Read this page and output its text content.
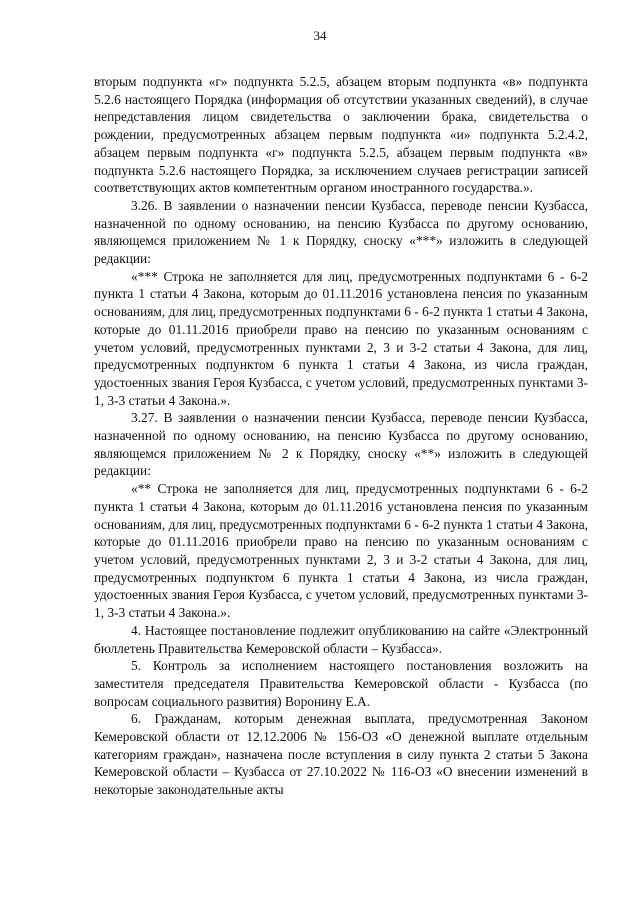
34

вторым подпункта «г» подпункта 5.2.5, абзацем вторым подпункта «в» подпункта 5.2.6 настоящего Порядка (информация об отсутствии указанных сведений), в случае непредставления лицом свидетельства о заключении брака, свидетельства о рождении, предусмотренных абзацем первым подпункта «и» подпункта 5.2.4.2, абзацем первым подпункта «г» подпункта 5.2.5, абзацем первым подпункта «в» подпункта 5.2.6 настоящего Порядка, за исключением случаев регистрации записей соответствующих актов компетентным органом иностранного государства.».

3.26. В заявлении о назначении пенсии Кузбасса, переводе пенсии Кузбасса, назначенной по одному основанию, на пенсию Кузбасса по другому основанию, являющемся приложением № 1 к Порядку, сноску «***» изложить в следующей редакции:

«*** Строка не заполняется для лиц, предусмотренных подпунктами 6 - 6-2 пункта 1 статьи 4 Закона, которым до 01.11.2016 установлена пенсия по указанным основаниям, для лиц, предусмотренных подпунктами 6 - 6-2 пункта 1 статьи 4 Закона, которые до 01.11.2016 приобрели право на пенсию по указанным основаниям с учетом условий, предусмотренных пунктами 2, 3 и 3-2 статьи 4 Закона, для лиц, предусмотренных подпунктом 6 пункта 1 статьи 4 Закона, из числа граждан, удостоенных звания Героя Кузбасса, с учетом условий, предусмотренных пунктами 3-1, 3-3 статьи 4 Закона.».

3.27. В заявлении о назначении пенсии Кузбасса, переводе пенсии Кузбасса, назначенной по одному основанию, на пенсию Кузбасса по другому основанию, являющемся приложением № 2 к Порядку, сноску «**» изложить в следующей редакции:

«** Строка не заполняется для лиц, предусмотренных подпунктами 6 - 6-2 пункта 1 статьи 4 Закона, которым до 01.11.2016 установлена пенсия по указанным основаниям, для лиц, предусмотренных подпунктами 6 - 6-2 пункта 1 статьи 4 Закона, которые до 01.11.2016 приобрели право на пенсию по указанным основаниям с учетом условий, предусмотренных пунктами 2, 3 и 3-2 статьи 4 Закона, для лиц, предусмотренных подпунктом 6 пункта 1 статьи 4 Закона, из числа граждан, удостоенных звания Героя Кузбасса, с учетом условий, предусмотренных пунктами 3-1, 3-3 статьи 4 Закона.».

4. Настоящее постановление подлежит опубликованию на сайте «Электронный бюллетень Правительства Кемеровской области – Кузбасса».

5. Контроль за исполнением настоящего постановления возложить на заместителя председателя Правительства Кемеровской области - Кузбасса (по вопросам социального развития) Воронину Е.А.

6. Гражданам, которым денежная выплата, предусмотренная Законом Кемеровской области от 12.12.2006 № 156-ОЗ «О денежной выплате отдельным категориям граждан», назначена после вступления в силу пункта 2 статьи 5 Закона Кемеровской области – Кузбасса от 27.10.2022 № 116-ОЗ «О внесении изменений в некоторые законодательные акты
